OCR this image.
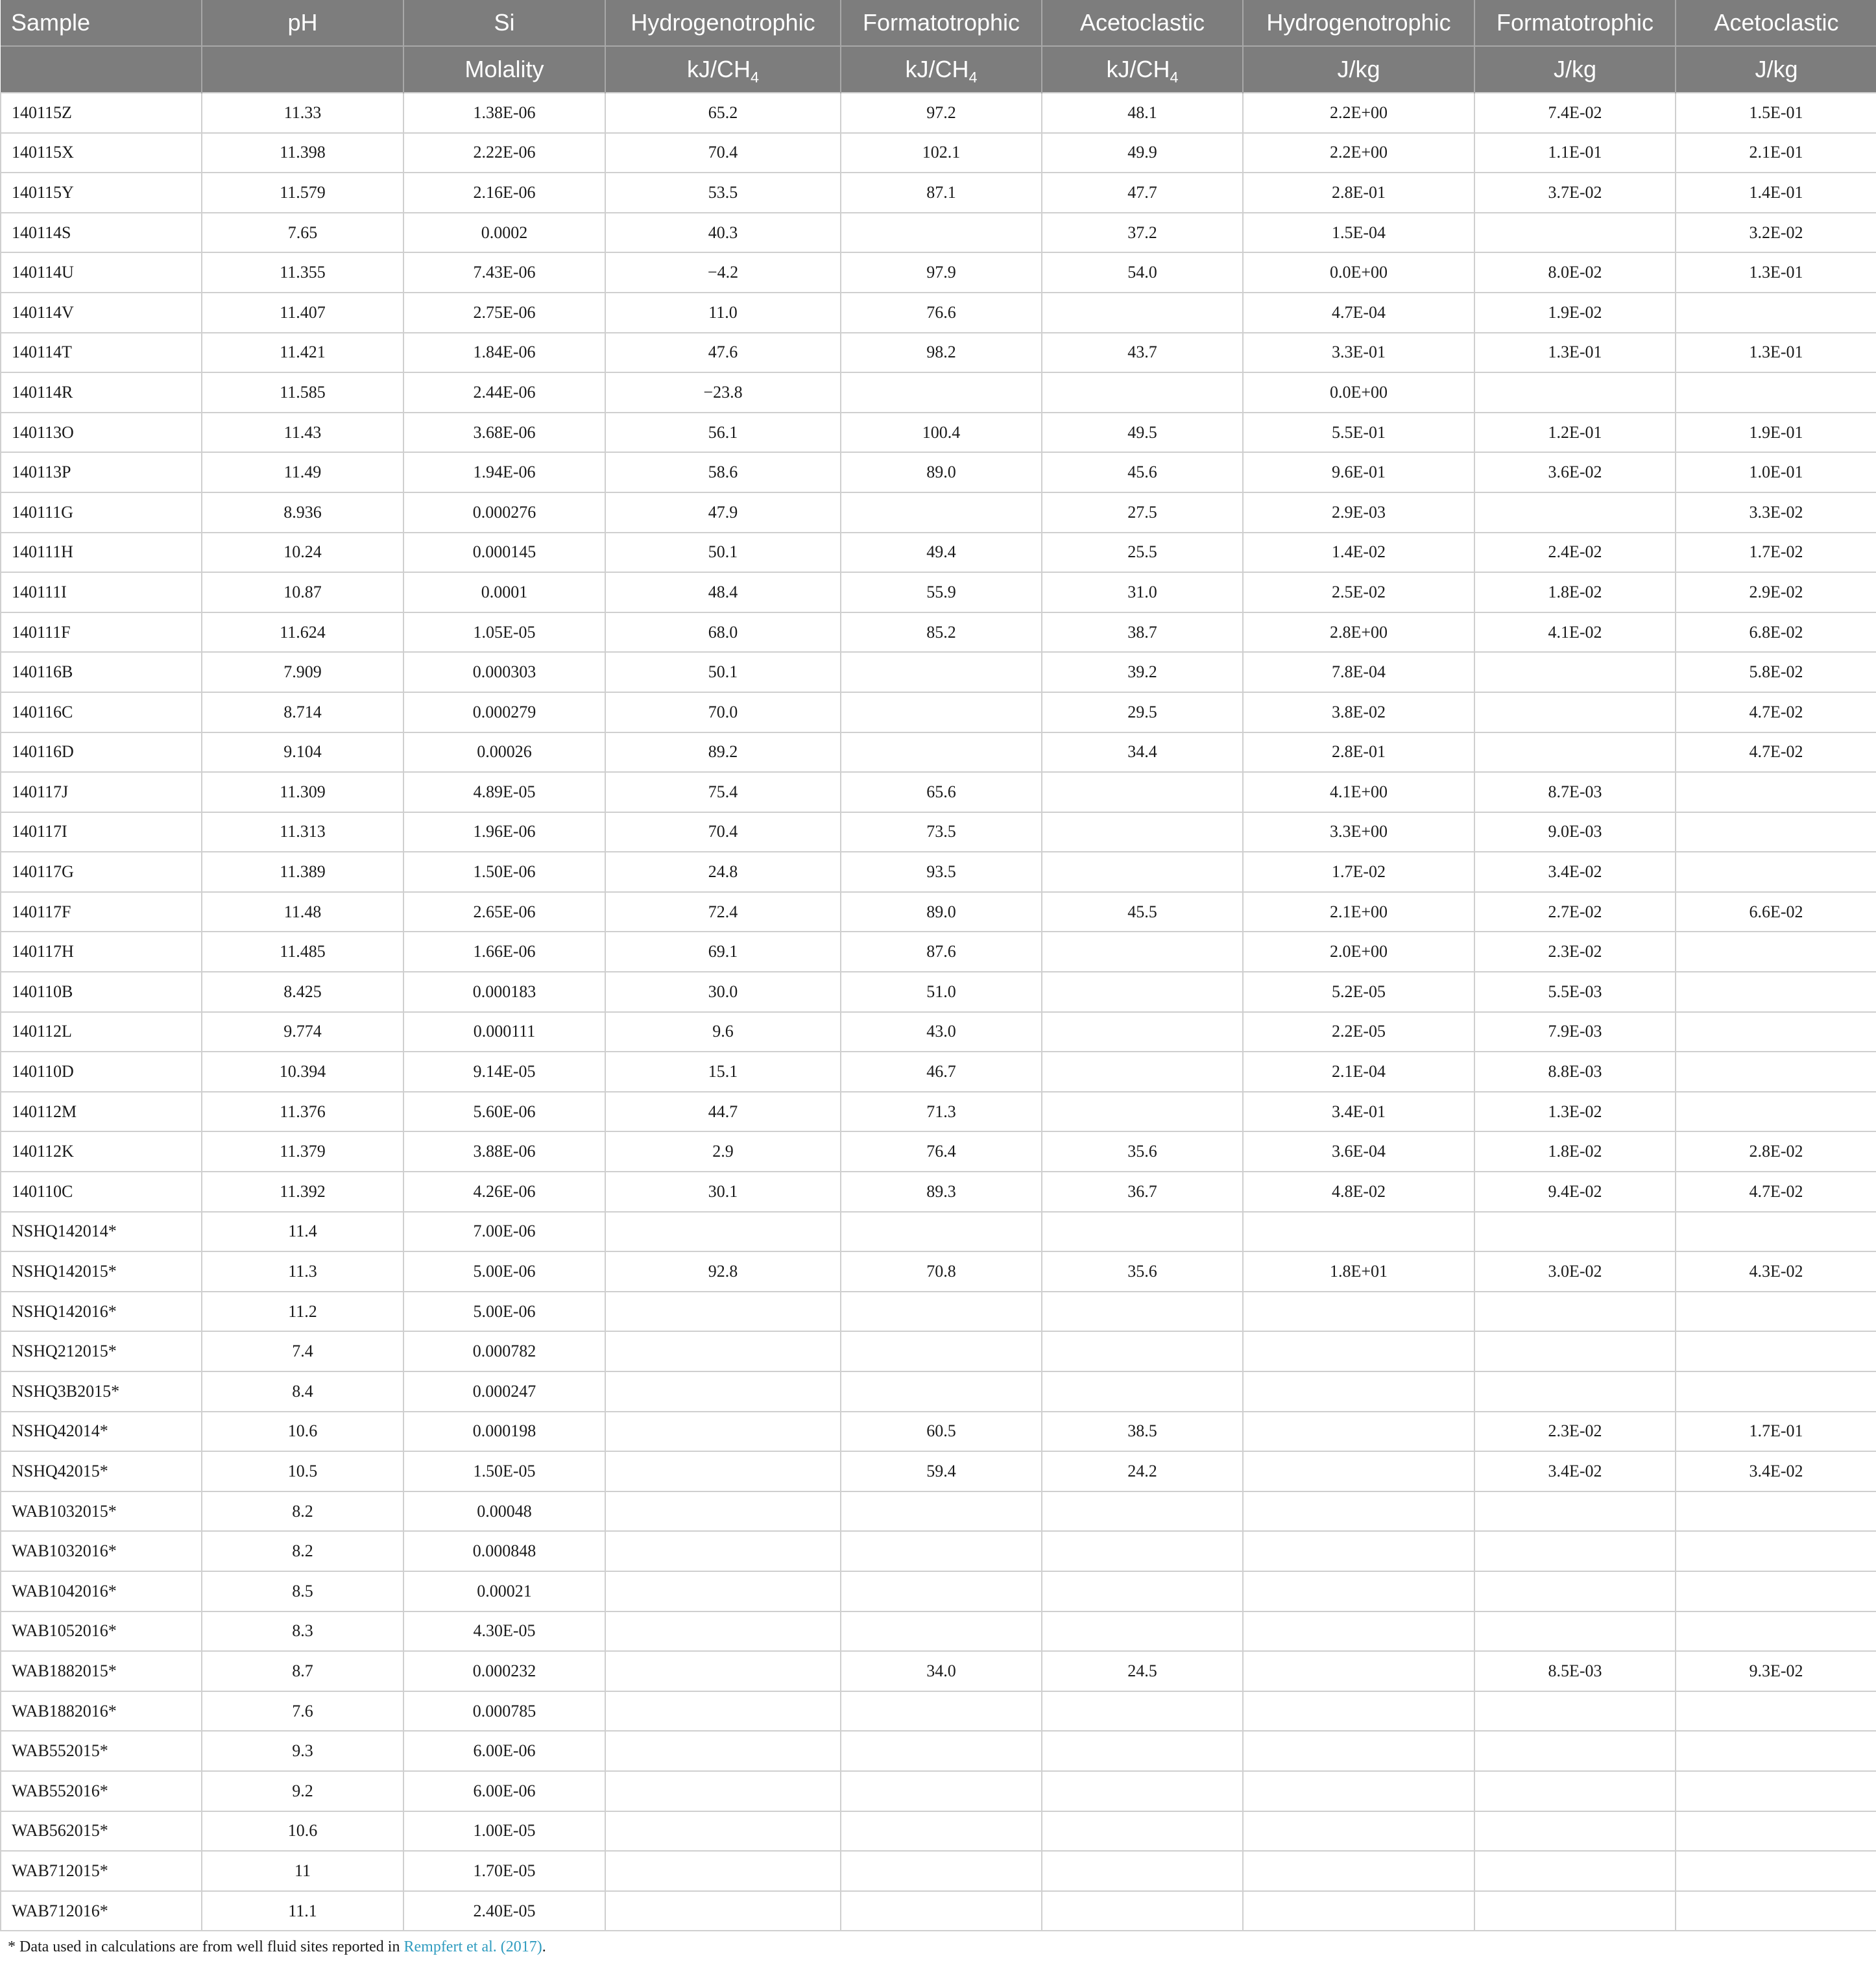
Sample	pH	Si	Hydrogenotrophic	Formatotrophic	Acetoclastic	Hydrogenotrophic	Formatotrophic	Acetoclastic
		Molality	$kJ/CH_4$	$kJ/CH_4$	$kJ/CH_4$	J/kg	J/kg	J/kg
140115Z	11.33	1.38E-06	65.2	97.2	48.1	2.2E+00	7.4E-02	1.5E-01
140115X	11.398	2.22E-06	70.4	102.1	49.9	2.2E+00	1.1E-01	2.1E-01
140115Y	11.579	2.16E-06	53.5	87.1	47.7	2.8E-01	3.7E-02	1.4E-01
140114S	7.65	0.0002	40.3		37.2	1.5E-04		3.2E-02
140114U	11.355	7.43E-06	−4.2	97.9	54.0	0.0E+00	8.0E-02	1.3E-01
140114V	11.407	2.75E-06	11.0	76.6		4.7E-04	1.9E-02	
140114T	11.421	1.84E-06	47.6	98.2	43.7	3.3E-01	1.3E-01	1.3E-01
140114R	11.585	2.44E-06	−23.8			0.0E+00		
140113O	11.43	3.68E-06	56.1	100.4	49.5	5.5E-01	1.2E-01	1.9E-01
140113P	11.49	1.94E-06	58.6	89.0	45.6	9.6E-01	3.6E-02	1.0E-01
140111G	8.936	0.000276	47.9		27.5	2.9E-03		3.3E-02
140111H	10.24	0.000145	50.1	49.4	25.5	1.4E-02	2.4E-02	1.7E-02
140111I	10.87	0.0001	48.4	55.9	31.0	2.5E-02	1.8E-02	2.9E-02
140111F	11.624	1.05E-05	68.0	85.2	38.7	2.8E+00	4.1E-02	6.8E-02
140116B	7.909	0.000303	50.1		39.2	7.8E-04		5.8E-02
140116C	8.714	0.000279	70.0		29.5	3.8E-02		4.7E-02
140116D	9.104	0.00026	89.2		34.4	2.8E-01		4.7E-02
140117J	11.309	4.89E-05	75.4	65.6		4.1E+00	8.7E-03	
140117I	11.313	1.96E-06	70.4	73.5		3.3E+00	9.0E-03	
140117G	11.389	1.50E-06	24.8	93.5		1.7E-02	3.4E-02	
140117F	11.48	2.65E-06	72.4	89.0	45.5	2.1E+00	2.7E-02	6.6E-02
140117H	11.485	1.66E-06	69.1	87.6		2.0E+00	2.3E-02	
140110B	8.425	0.000183	30.0	51.0		5.2E-05	5.5E-03	
140112L	9.774	0.000111	9.6	43.0		2.2E-05	7.9E-03	
140110D	10.394	9.14E-05	15.1	46.7		2.1E-04	8.8E-03	
140112M	11.376	5.60E-06	44.7	71.3		3.4E-01	1.3E-02	
140112K	11.379	3.88E-06	2.9	76.4	35.6	3.6E-04	1.8E-02	2.8E-02
140110C	11.392	4.26E-06	30.1	89.3	36.7	4.8E-02	9.4E-02	4.7E-02
NSHQ142014*	11.4	7.00E-06						
NSHQ142015*	11.3	5.00E-06	92.8	70.8	35.6	1.8E+01	3.0E-02	4.3E-02
NSHQ142016*	11.2	5.00E-06						
NSHQ212015*	7.4	0.000782						
NSHQ3B2015*	8.4	0.000247						
NSHQ42014*	10.6	0.000198		60.5	38.5		2.3E-02	1.7E-01
NSHQ42015*	10.5	1.50E-05		59.4	24.2		3.4E-02	3.4E-02
WAB1032015*	8.2	0.00048						
WAB1032016*	8.2	0.000848						
WAB1042016*	8.5	0.00021						
WAB1052016*	8.3	4.30E-05						
WAB1882015*	8.7	0.000232		34.0	24.5		8.5E-03	9.3E-02
WAB1882016*	7.6	0.000785						
WAB552015*	9.3	6.00E-06						
WAB552016*	9.2	6.00E-06						
WAB562015*	10.6	1.00E-05						
WAB712015*	11	1.70E-05						
WAB712016*	11.1	2.40E-05						
* Data used in calculations are from well fluid sites reported in Rempfert et al. (2017).
